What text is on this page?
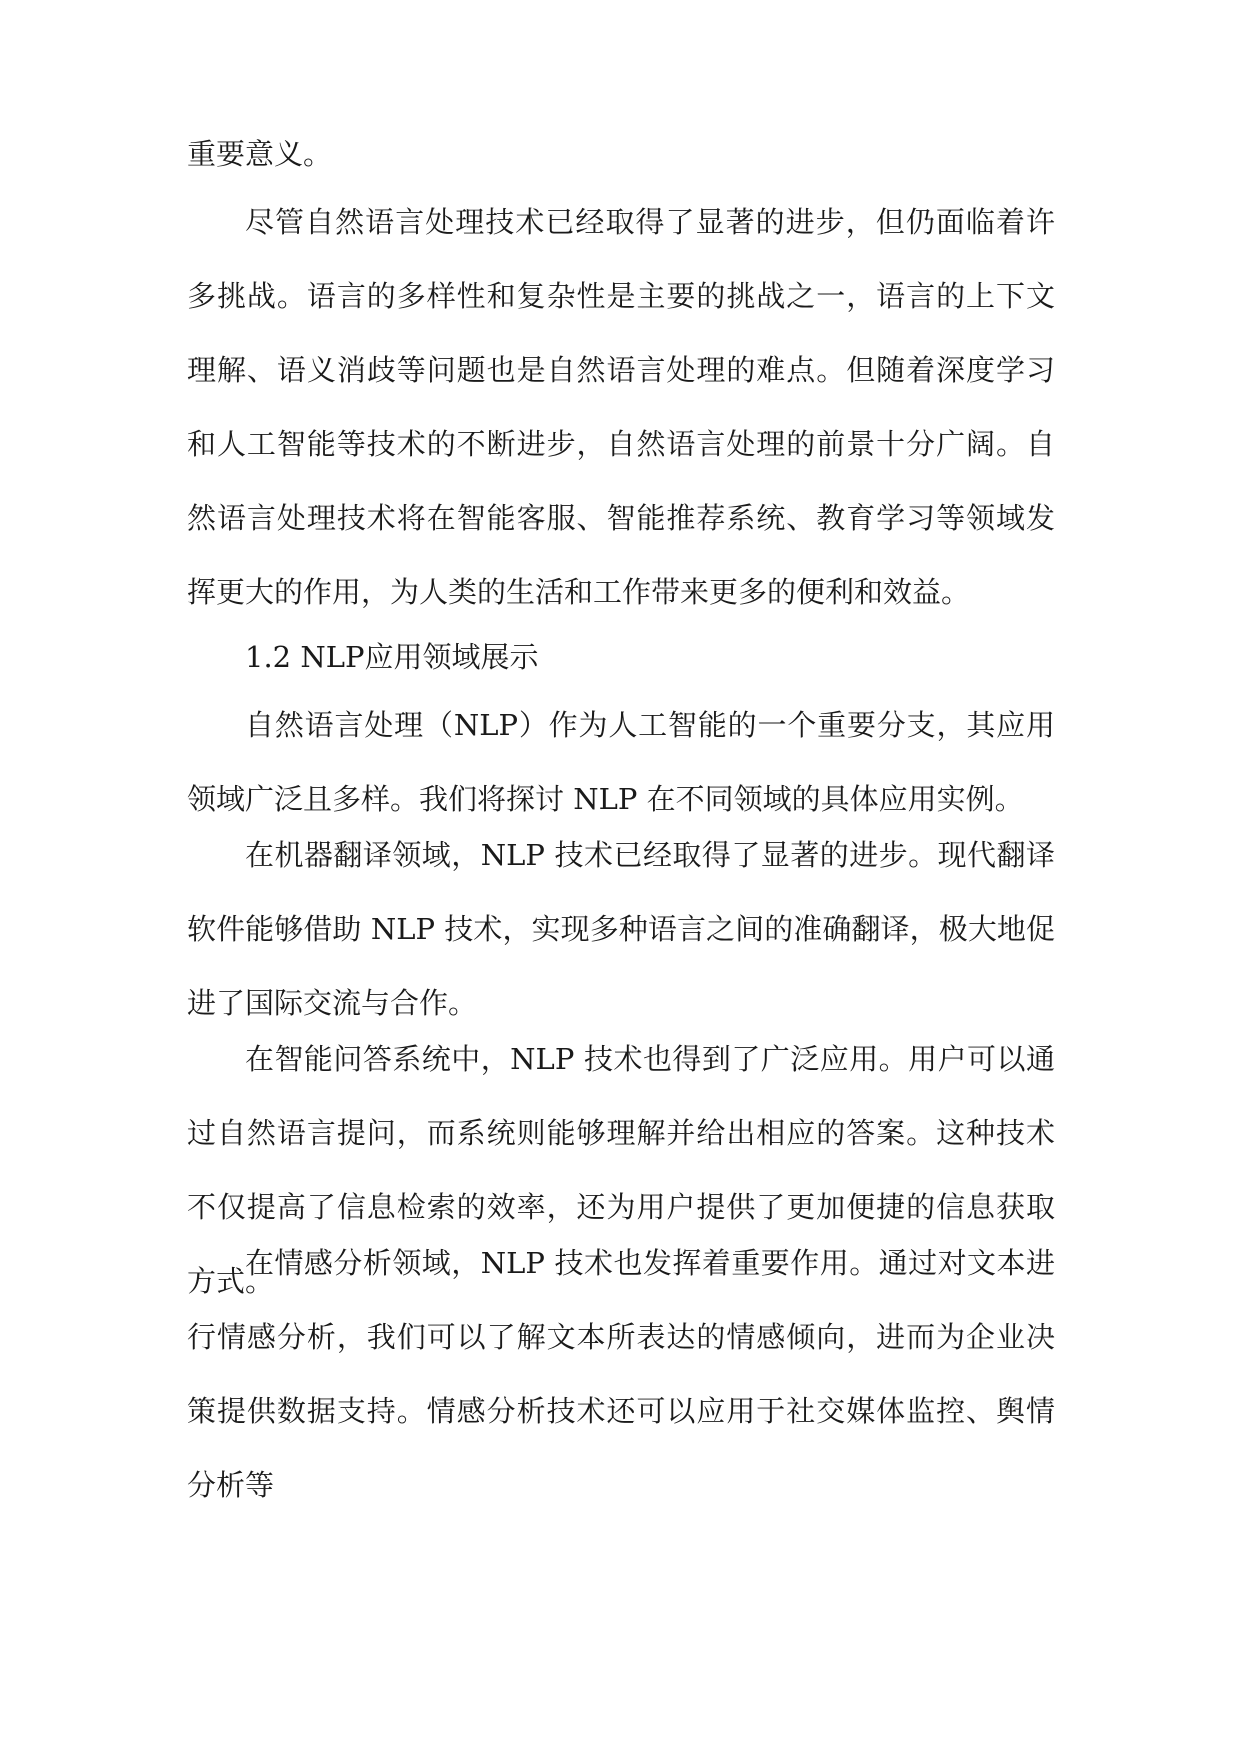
重要意义。
尽管自然语言处理技术已经取得了显著的进步，但仍面临着许多挑战。语言的多样性和复杂性是主要的挑战之一，语言的上下文理解、语义消歧等问题也是自然语言处理的难点。但随着深度学习和人工智能等技术的不断进步，自然语言处理的前景十分广阔。自然语言处理技术将在智能客服、智能推荐系统、教育学习等领域发挥更大的作用，为人类的生活和工作带来更多的便利和效益。
1.2 NLP应用领域展示
自然语言处理（NLP）作为人工智能的一个重要分支，其应用领域广泛且多样。我们将探讨 NLP 在不同领域的具体应用实例。
在机器翻译领域，NLP 技术已经取得了显著的进步。现代翻译软件能够借助 NLP 技术，实现多种语言之间的准确翻译，极大地促进了国际交流与合作。
在智能问答系统中，NLP 技术也得到了广泛应用。用户可以通过自然语言提问，而系统则能够理解并给出相应的答案。这种技术不仅提高了信息检索的效率，还为用户提供了更加便捷的信息获取方式。
在情感分析领域，NLP 技术也发挥着重要作用。通过对文本进行情感分析，我们可以了解文本所表达的情感倾向，进而为企业决策提供数据支持。情感分析技术还可以应用于社交媒体监控、舆情分析等
